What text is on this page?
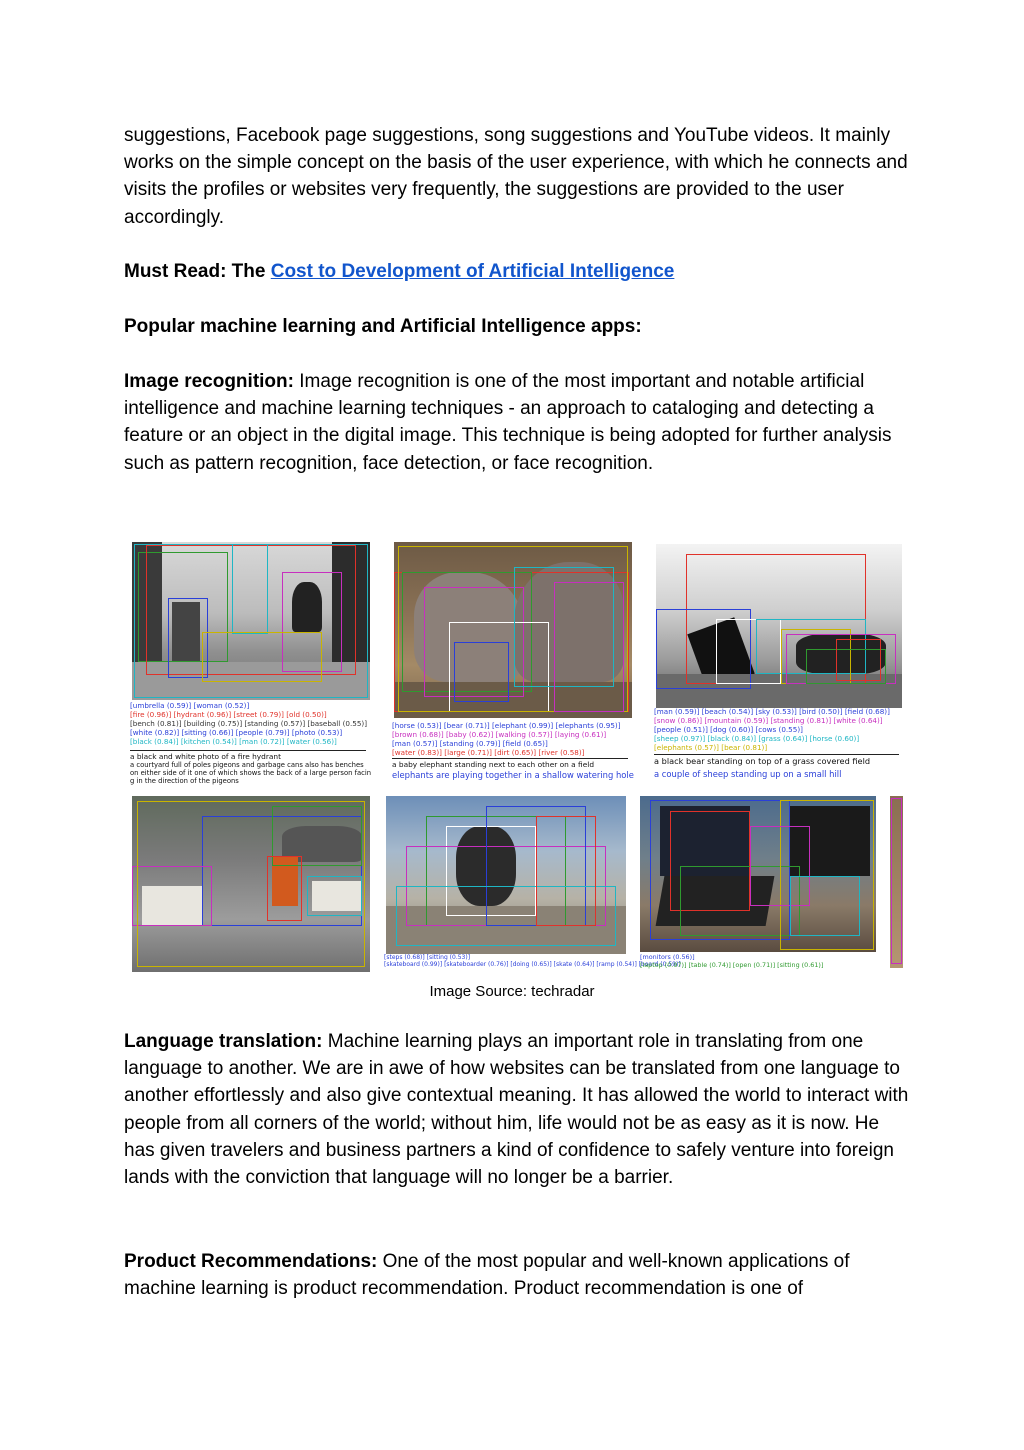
suggestions, Facebook page suggestions, song suggestions and YouTube videos. It mainly works on the simple concept on the basis of the user experience, with which he connects and visits the profiles or websites very frequently, the suggestions are provided to the user accordingly.

Must Read: The Cost to Development of Artificial Intelligence

Popular machine learning and Artificial Intelligence apps:

Image recognition: Image recognition is one of the most important and notable artificial intelligence and machine learning techniques - an approach to cataloging and detecting a feature or an object in the digital image. This technique is being adopted for further analysis such as pattern recognition, face detection, or face recognition.

[umbrella (0.59)] [woman (0.52)]
[fire (0.96)] [hydrant (0.96)] [street (0.79)] [old (0.50)]
[bench (0.81)] [building (0.75)] [standing (0.57)] [baseball (0.55)]
[white (0.82)] [sitting (0.66)] [people (0.79)] [photo (0.53)]
[black (0.84)] [kitchen (0.54)] [man (0.72)] [water (0.56)]
a black and white photo of a fire hydrant
a courtyard full of poles pigeons and garbage cans also has benches on either side of it one of which shows the back of a large person facin g in the direction of the pigeons
[horse (0.53)] [bear (0.71)] [elephant (0.99)] [elephants (0.95)]
[brown (0.68)] [baby (0.62)] [walking (0.57)] [laying (0.61)]
[man (0.57)] [standing (0.79)] [field (0.65)]
[water (0.83)] [large (0.71)] [dirt (0.65)] [river (0.58)]
a baby elephant standing next to each other on a field
elephants are playing together in a shallow watering hole
[man (0.59)] [beach (0.54)] [sky (0.53)] [bird (0.50)] [field (0.68)]
[snow (0.86)] [mountain (0.59)] [standing (0.81)] [white (0.64)]
[people (0.51)] [dog (0.60)] [cows (0.55)]
[sheep (0.97)] [black (0.84)] [grass (0.64)] [horse (0.60)]
[elephants (0.57)] [bear (0.81)]
a black bear standing on top of a grass covered field
a couple of sheep standing up on a small hill
[steps (0.68)] [sitting (0.53)]
[skateboard (0.99)] [skateboarder (0.76)] [doing (0.65)] [skate (0.64)] [ramp (0.54)] [board (0.59)]
[monitors (0.56)]
[laptop (0.97)] [table (0.74)] [open (0.71)] [sitting (0.61)]

Image Source: techradar

Language translation: Machine learning plays an important role in translating from one language to another. We are in awe of how websites can be translated from one language to another effortlessly and also give contextual meaning. It has allowed the world to interact with people from all corners of the world; without him, life would not be as easy as it is now. He has given travelers and business partners a kind of confidence to safely venture into foreign lands with the conviction that language will no longer be a barrier.

Product Recommendations: One of the most popular and well-known applications of machine learning is product recommendation. Product recommendation is one of
